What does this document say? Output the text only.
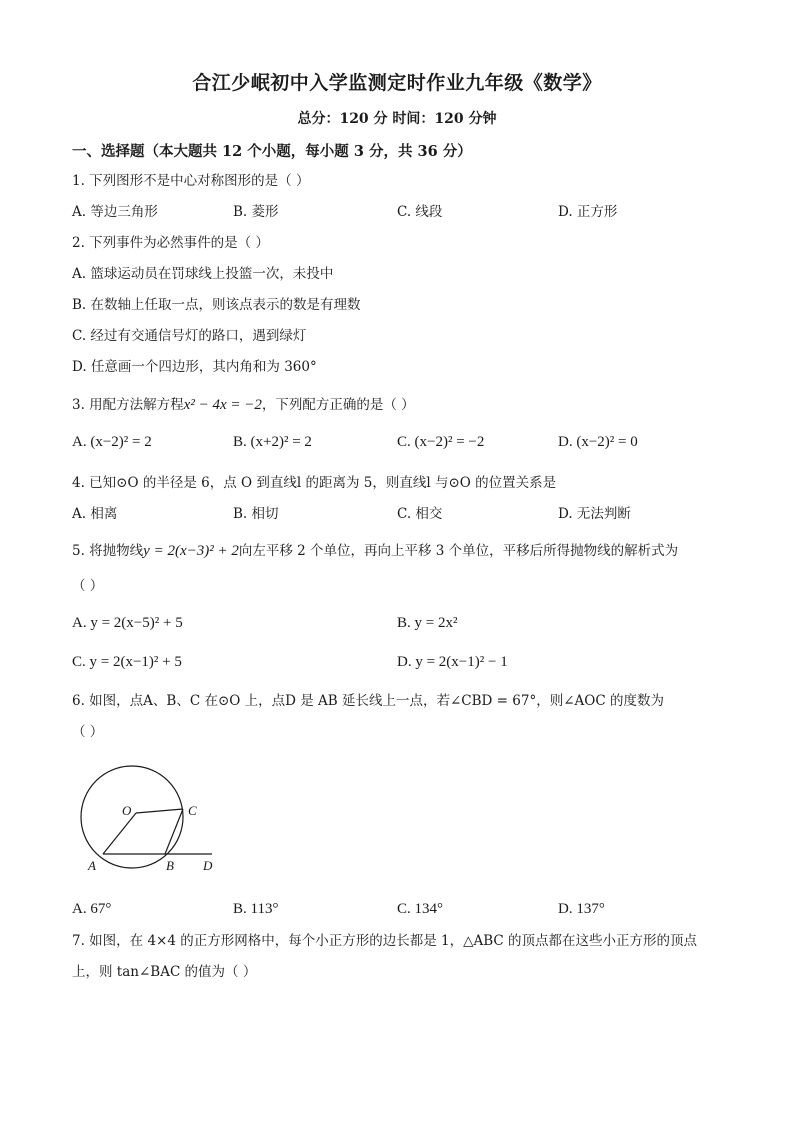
合江少岷初中入学监测定时作业九年级《数学》
总分：120 分 时间：120 分钟
一、选择题（本大题共 12 个小题，每小题 3 分，共 36 分）
1. 下列图形不是中心对称图形的是（ ）
A. 等边三角形	B. 菱形	C. 线段	D. 正方形
2. 下列事件为必然事件的是（ ）
A. 篮球运动员在罚球线上投篮一次，未投中
B. 在数轴上任取一点，则该点表示的数是有理数
C. 经过有交通信号灯的路口，遇到绿灯
D. 任意画一个四边形，其内角和为 360°
3. 用配方法解方程x² − 4x = −2，下列配方正确的是（ ）
A. (x−2)² = 2	B. (x+2)² = 2	C. (x−2)² = −2	D. (x−2)² = 0
4. 已知⊙O 的半径是 6，点 O 到直线l 的距离为 5，则直线l 与⊙O 的位置关系是
A. 相离	B. 相切	C. 相交	D. 无法判断
5. 将抛物线y = 2(x−3)² + 2向左平移 2 个单位，再向上平移 3 个单位，平移后所得抛物线的解析式为
（ ）
A. y = 2(x−5)² + 5	B. y = 2x²
C. y = 2(x−1)² + 5	D. y = 2(x−1)² − 1
6. 如图，点A、B、C 在⊙O 上，点D 是 AB 延长线上一点，若∠CBD = 67°，则∠AOC 的度数为
（ ）
O	C
A	B D
A. 67°	B. 113°	C. 134°	D. 137°
7. 如图，在 4×4 的正方形网格中，每个小正方形的边长都是 1，△ABC 的顶点都在这些小正方形的顶点
上，则 tan∠BAC 的值为（ ）
